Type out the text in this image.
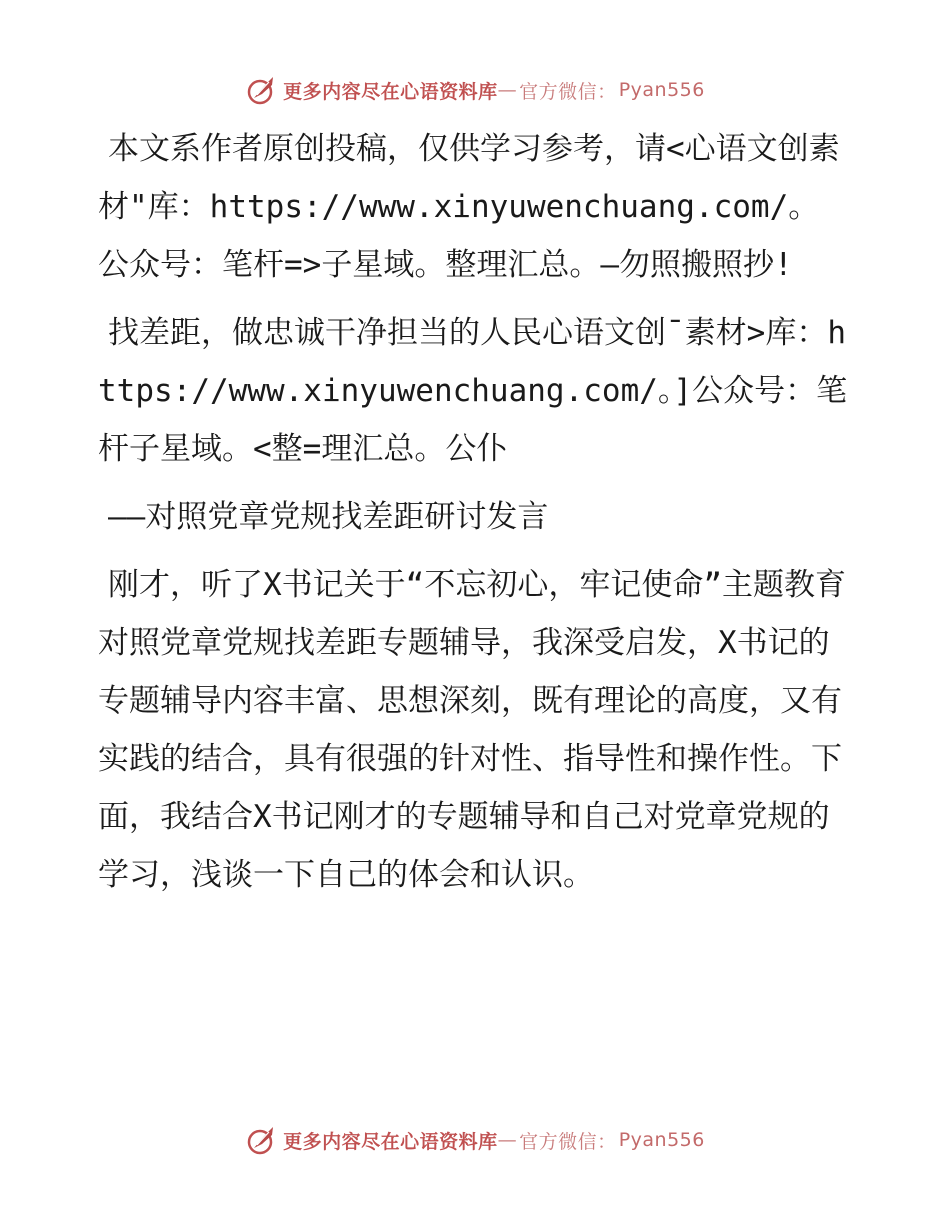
更多内容尽在心语资料库 — 官方微信： Pyan556

本文系作者原创投稿，仅供学习参考，请<心语文创素材"库：https://www.xinyuwenchuang.com/。公众号：笔杆=>子星域。整理汇总。—勿照搬照抄!

找差距，做忠诚干净担当的人民心语文创¯素材>库：https://www.xinyuwenchuang.com/。]公众号：笔杆子星域。<整=理汇总。公仆

——对照党章党规找差距研讨发言

刚才，听了X书记关于“不忘初心，牢记使命”主题教育对照党章党规找差距专题辅导，我深受启发，X书记的专题辅导内容丰富、思想深刻，既有理论的高度，又有实践的结合，具有很强的针对性、指导性和操作性。下面，我结合X书记刚才的专题辅导和自己对党章党规的学习，浅谈一下自己的体会和认识。

更多内容尽在心语资料库 — 官方微信： Pyan556
